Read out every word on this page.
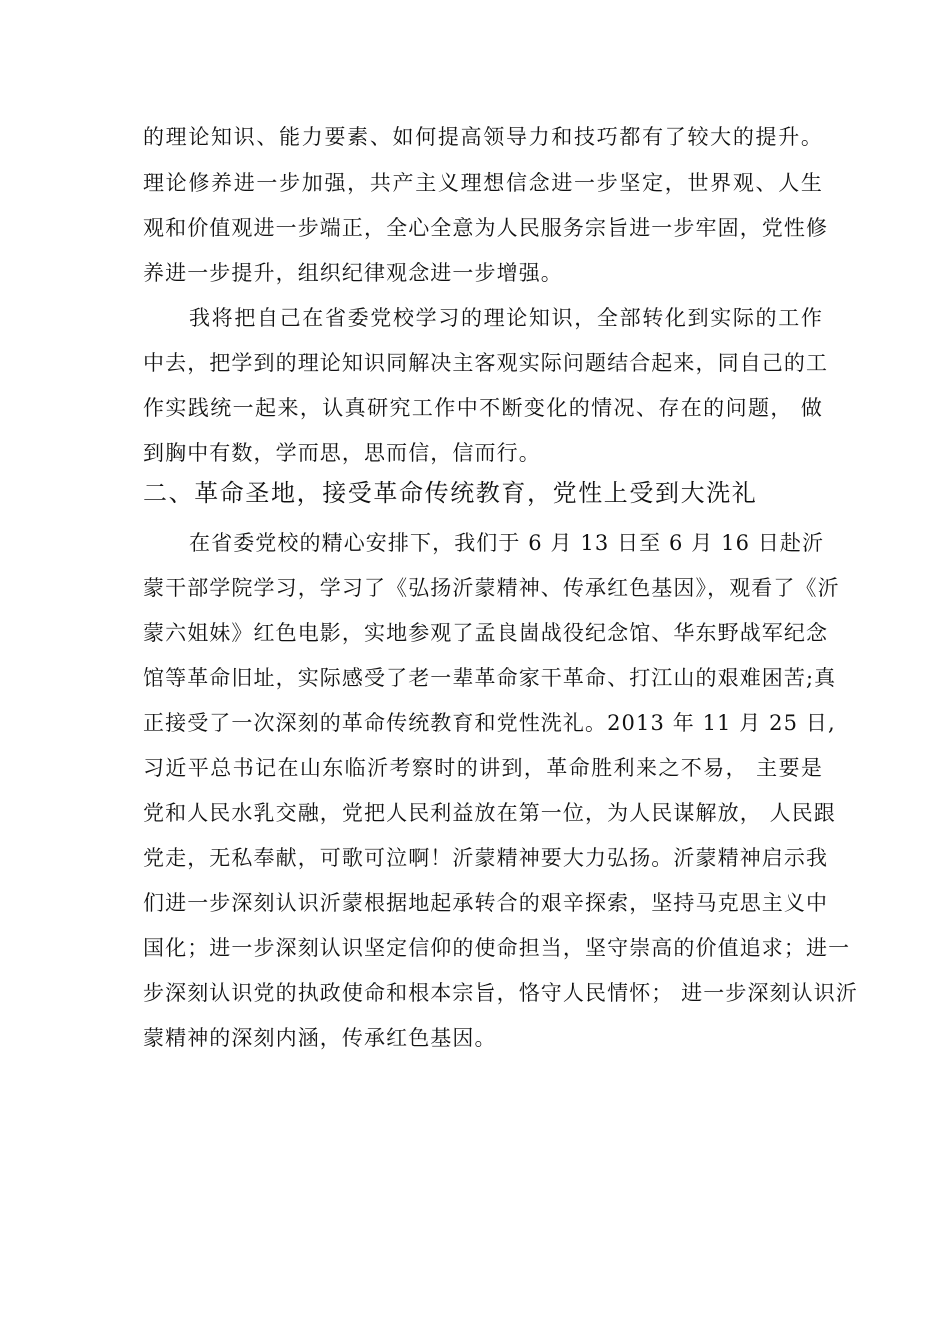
的理论知识、能力要素、如何提高领导力和技巧都有了较大的提升。
理论修养进一步加强，共产主义理想信念进一步坚定，世界观、人生
观和价值观进一步端正，全心全意为人民服务宗旨进一步牢固，党性修
养进一步提升，组织纪律观念进一步增强。
我将把自己在省委党校学习的理论知识，全部转化到实际的工作
中去，把学到的理论知识同解决主客观实际问题结合起来，同自己的工
作实践统一起来，认真研究工作中不断变化的情况、存在的问题， 做
到胸中有数，学而思，思而信，信而行。
二、革命圣地，接受革命传统教育，党性上受到大洗礼
在省委党校的精心安排下，我们于 6 月 13 日至 6 月 16 日赴沂
蒙干部学院学习，学习了《弘扬沂蒙精神、传承红色基因》，观看了《沂
蒙六姐妹》红色电影，实地参观了孟良崮战役纪念馆、华东野战军纪念
馆等革命旧址，实际感受了老一辈革命家干革命、打江山的艰难困苦;真
正接受了一次深刻的革命传统教育和党性洗礼。2013 年 11 月 25 日,
习近平总书记在山东临沂考察时的讲到，革命胜利来之不易， 主要是
党和人民水乳交融，党把人民利益放在第一位，为人民谋解放， 人民跟
党走，无私奉献，可歌可泣啊！沂蒙精神要大力弘扬。沂蒙精神启示我
们进一步深刻认识沂蒙根据地起承转合的艰辛探索，坚持马克思主义中
国化；进一步深刻认识坚定信仰的使命担当，坚守崇高的价值追求；进一
步深刻认识党的执政使命和根本宗旨，恪守人民情怀； 进一步深刻认识沂
蒙精神的深刻内涵，传承红色基因。
